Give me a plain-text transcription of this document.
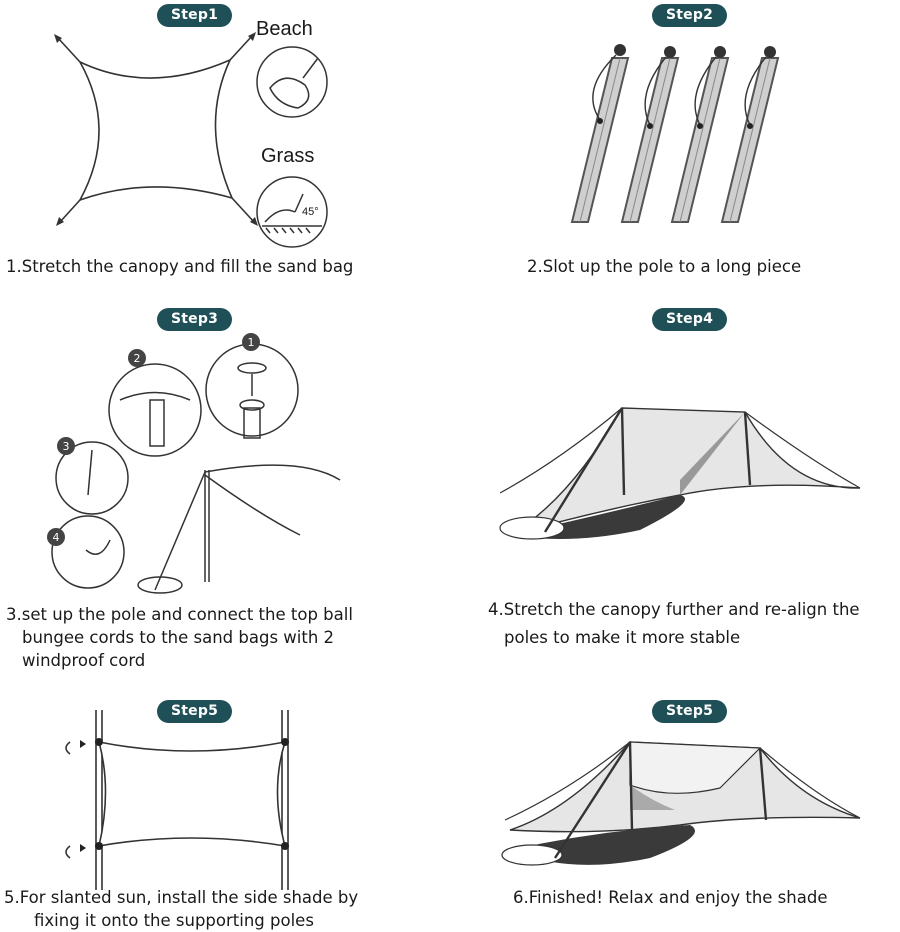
Step1
Beach
Grass
45°
1.Stretch the canopy and fill the sand bag
Step2
2.Slot up the pole to a long piece
Step3
1
2
3
4
3.set up the pole and connect the top ball
bungee cords to the sand bags with 2
windproof cord
Step4
4.Stretch the canopy further and re-align the
poles to make it more stable
Step5
5.For slanted sun, install the side shade by
fixing it onto the supporting poles
Step5
6.Finished! Relax and enjoy the shade
